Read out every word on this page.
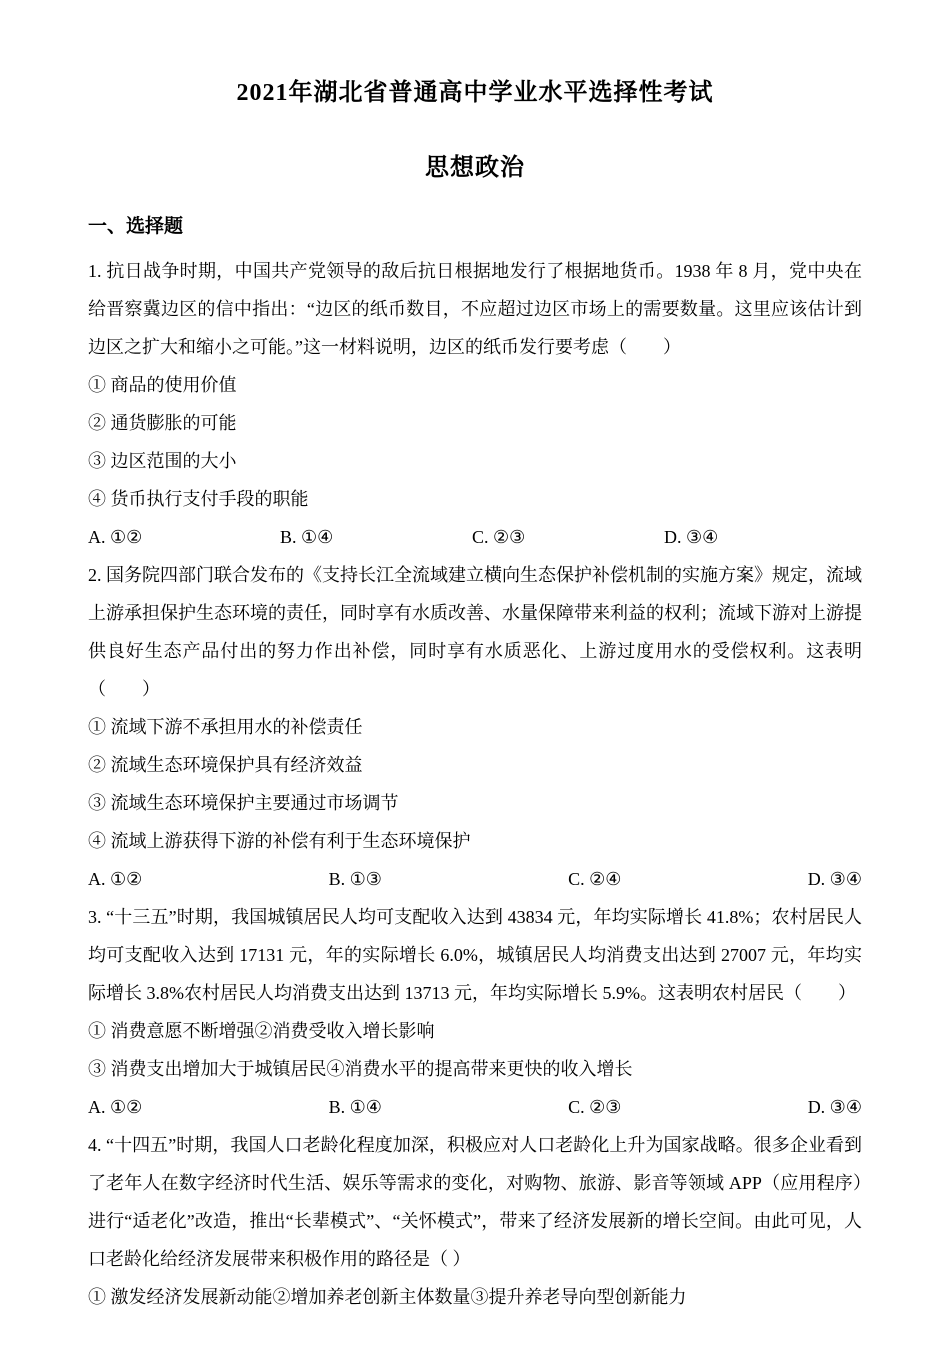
2021年湖北省普通高中学业水平选择性考试
思想政治
一、选择题

1. 抗日战争时期，中国共产党领导的敌后抗日根据地发行了根据地货币。1938 年 8 月，党中央在给晋察冀边区的信中指出：“边区的纸币数目，不应超过边区市场上的需要数量。这里应该估计到边区之扩大和缩小之可能。”这一材料说明，边区的纸币发行要考虑（　　）

① 商品的使用价值

② 通货膨胀的可能

③ 边区范围的大小

④ 货币执行支付手段的职能

A. ①②	B. ①④	C. ②③	D. ③④

2. 国务院四部门联合发布的《支持长江全流域建立横向生态保护补偿机制的实施方案》规定，流域上游承担保护生态环境的责任，同时享有水质改善、水量保障带来利益的权利；流域下游对上游提供良好生态产品付出的努力作出补偿，同时享有水质恶化、上游过度用水的受偿权利。这表明（　　）

① 流域下游不承担用水的补偿责任

② 流域生态环境保护具有经济效益

③ 流域生态环境保护主要通过市场调节

④ 流域上游获得下游的补偿有利于生态环境保护

A. ①②	B. ①③	C. ②④	D. ③④

3. “十三五”时期，我国城镇居民人均可支配收入达到 43834 元，年均实际增长 41.8%；农村居民人均可支配收入达到 17131 元，年的实际增长 6.0%，城镇居民人均消费支出达到 27007 元，年均实际增长 3.8%农村居民人均消费支出达到 13713 元，年均实际增长 5.9%。这表明农村居民（　　）

① 消费意愿不断增强②消费受收入增长影响

③ 消费支出增加大于城镇居民④消费水平的提高带来更快的收入增长

A. ①②	B. ①④	C. ②③	D. ③④

4. “十四五”时期，我国人口老龄化程度加深，积极应对人口老龄化上升为国家战略。很多企业看到了老年人在数字经济时代生活、娱乐等需求的变化，对购物、旅游、影音等领域 APP（应用程序）进行“适老化”改造，推出“长辈模式”、“关怀模式”，带来了经济发展新的增长空间。由此可见，人口老龄化给经济发展带来积极作用的路径是（ ）

① 激发经济发展新动能②增加养老创新主体数量③提升养老导向型创新能力
